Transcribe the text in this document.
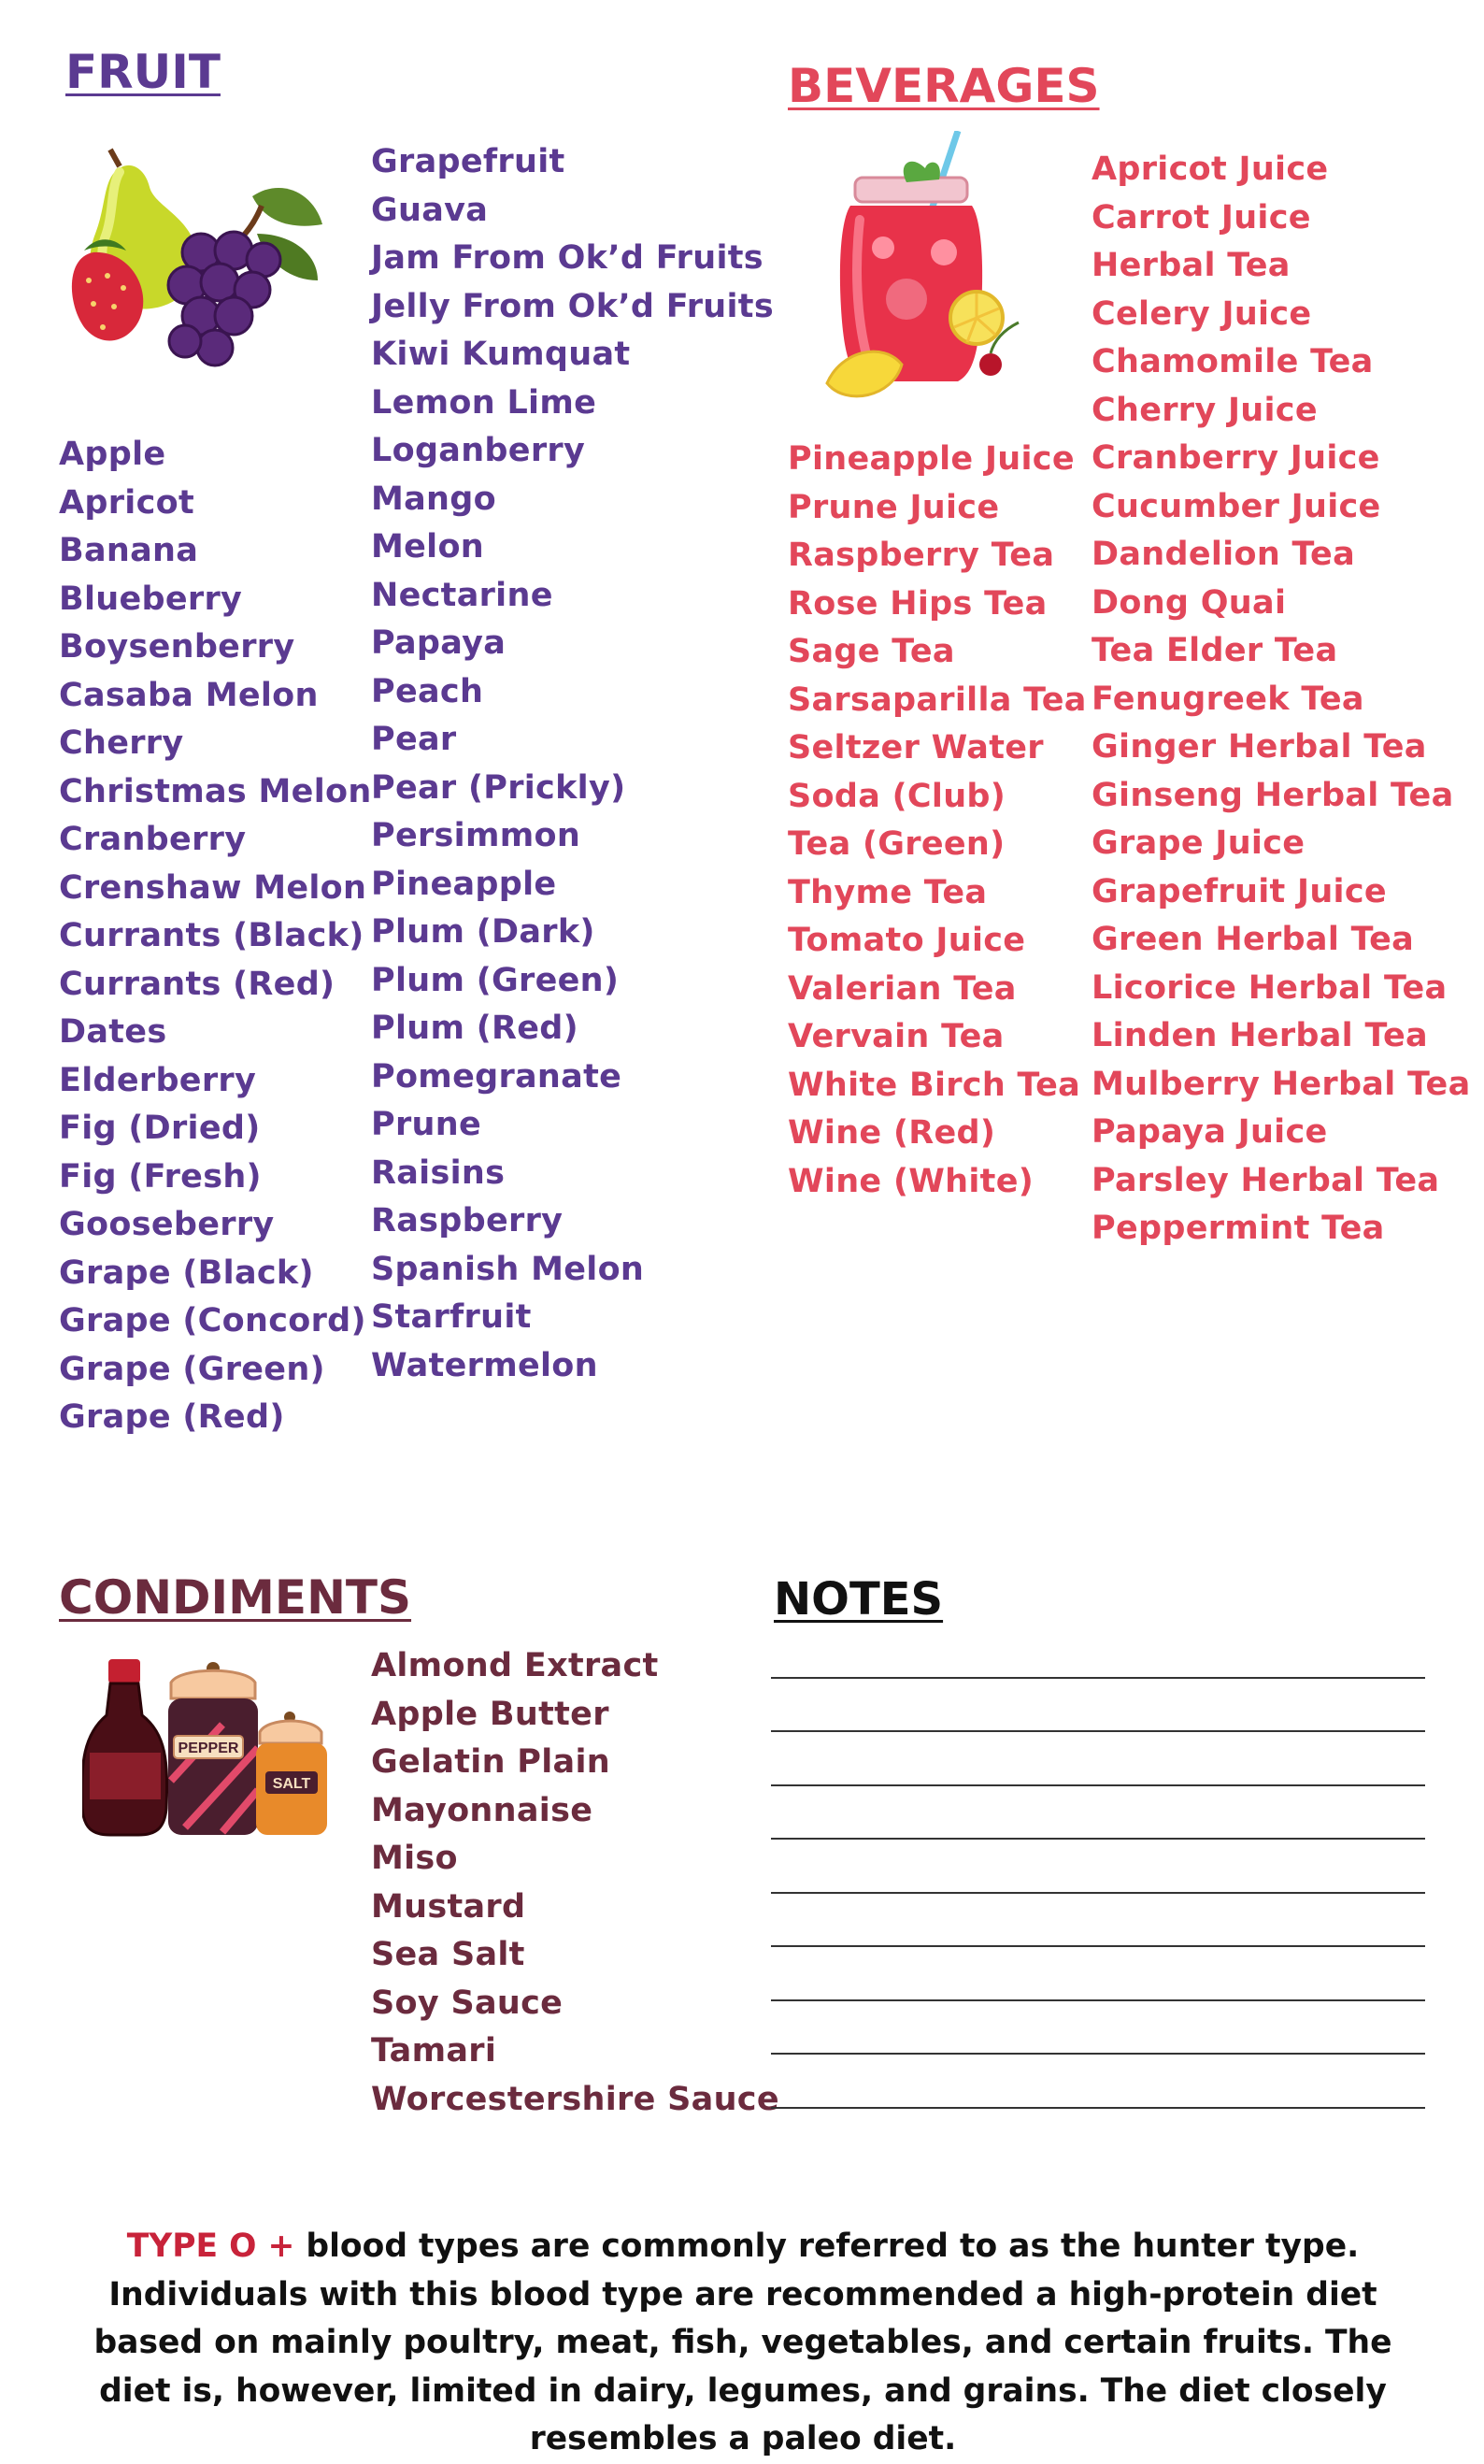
FRUIT
Apple
Apricot
Banana
Blueberry
Boysenberry
Casaba Melon
Cherry
Christmas Melon
Cranberry
Crenshaw Melon
Currants (Black)
Currants (Red)
Dates
Elderberry
Fig (Dried)
Fig (Fresh)
Gooseberry
Grape (Black)
Grape (Concord)
Grape (Green)
Grape (Red)
Grapefruit
Guava
Jam From Ok’d Fruits
Jelly From Ok’d Fruits
Kiwi Kumquat
Lemon Lime
Loganberry
Mango
Melon
Nectarine
Papaya
Peach
Pear
Pear (Prickly)
Persimmon
Pineapple
Plum (Dark)
Plum (Green)
Plum (Red)
Pomegranate
Prune
Raisins
Raspberry
Spanish Melon
Starfruit
Watermelon
BEVERAGES
Pineapple Juice
Prune Juice
Raspberry Tea
Rose Hips Tea
Sage Tea
Sarsaparilla Tea
Seltzer Water
Soda (Club)
Tea (Green)
Thyme Tea
Tomato Juice
Valerian Tea
Vervain Tea
White Birch Tea
Wine (Red)
Wine (White)
Apricot Juice
Carrot Juice
Herbal Tea
Celery Juice
Chamomile Tea
Cherry Juice
Cranberry Juice
Cucumber Juice
Dandelion Tea
Dong Quai
Tea Elder Tea
Fenugreek Tea
Ginger Herbal Tea
Ginseng Herbal Tea
Grape Juice
Grapefruit Juice
Green Herbal Tea
Licorice Herbal Tea
Linden Herbal Tea
Mulberry Herbal Tea
Papaya Juice
Parsley Herbal Tea
Peppermint Tea
CONDIMENTS
PEPPER
SALT
Almond Extract
Apple Butter
Gelatin Plain
Mayonnaise
Miso
Mustard
Sea Salt
Soy Sauce
Tamari
Worcestershire Sauce
NOTES

TYPE O + blood types are commonly referred to as the hunter type. Individuals with this blood type are recommended a high-protein diet based on mainly poultry, meat, fish, vegetables, and certain fruits. The diet is, however, limited in dairy, legumes, and grains. The diet closely resembles a paleo diet.
